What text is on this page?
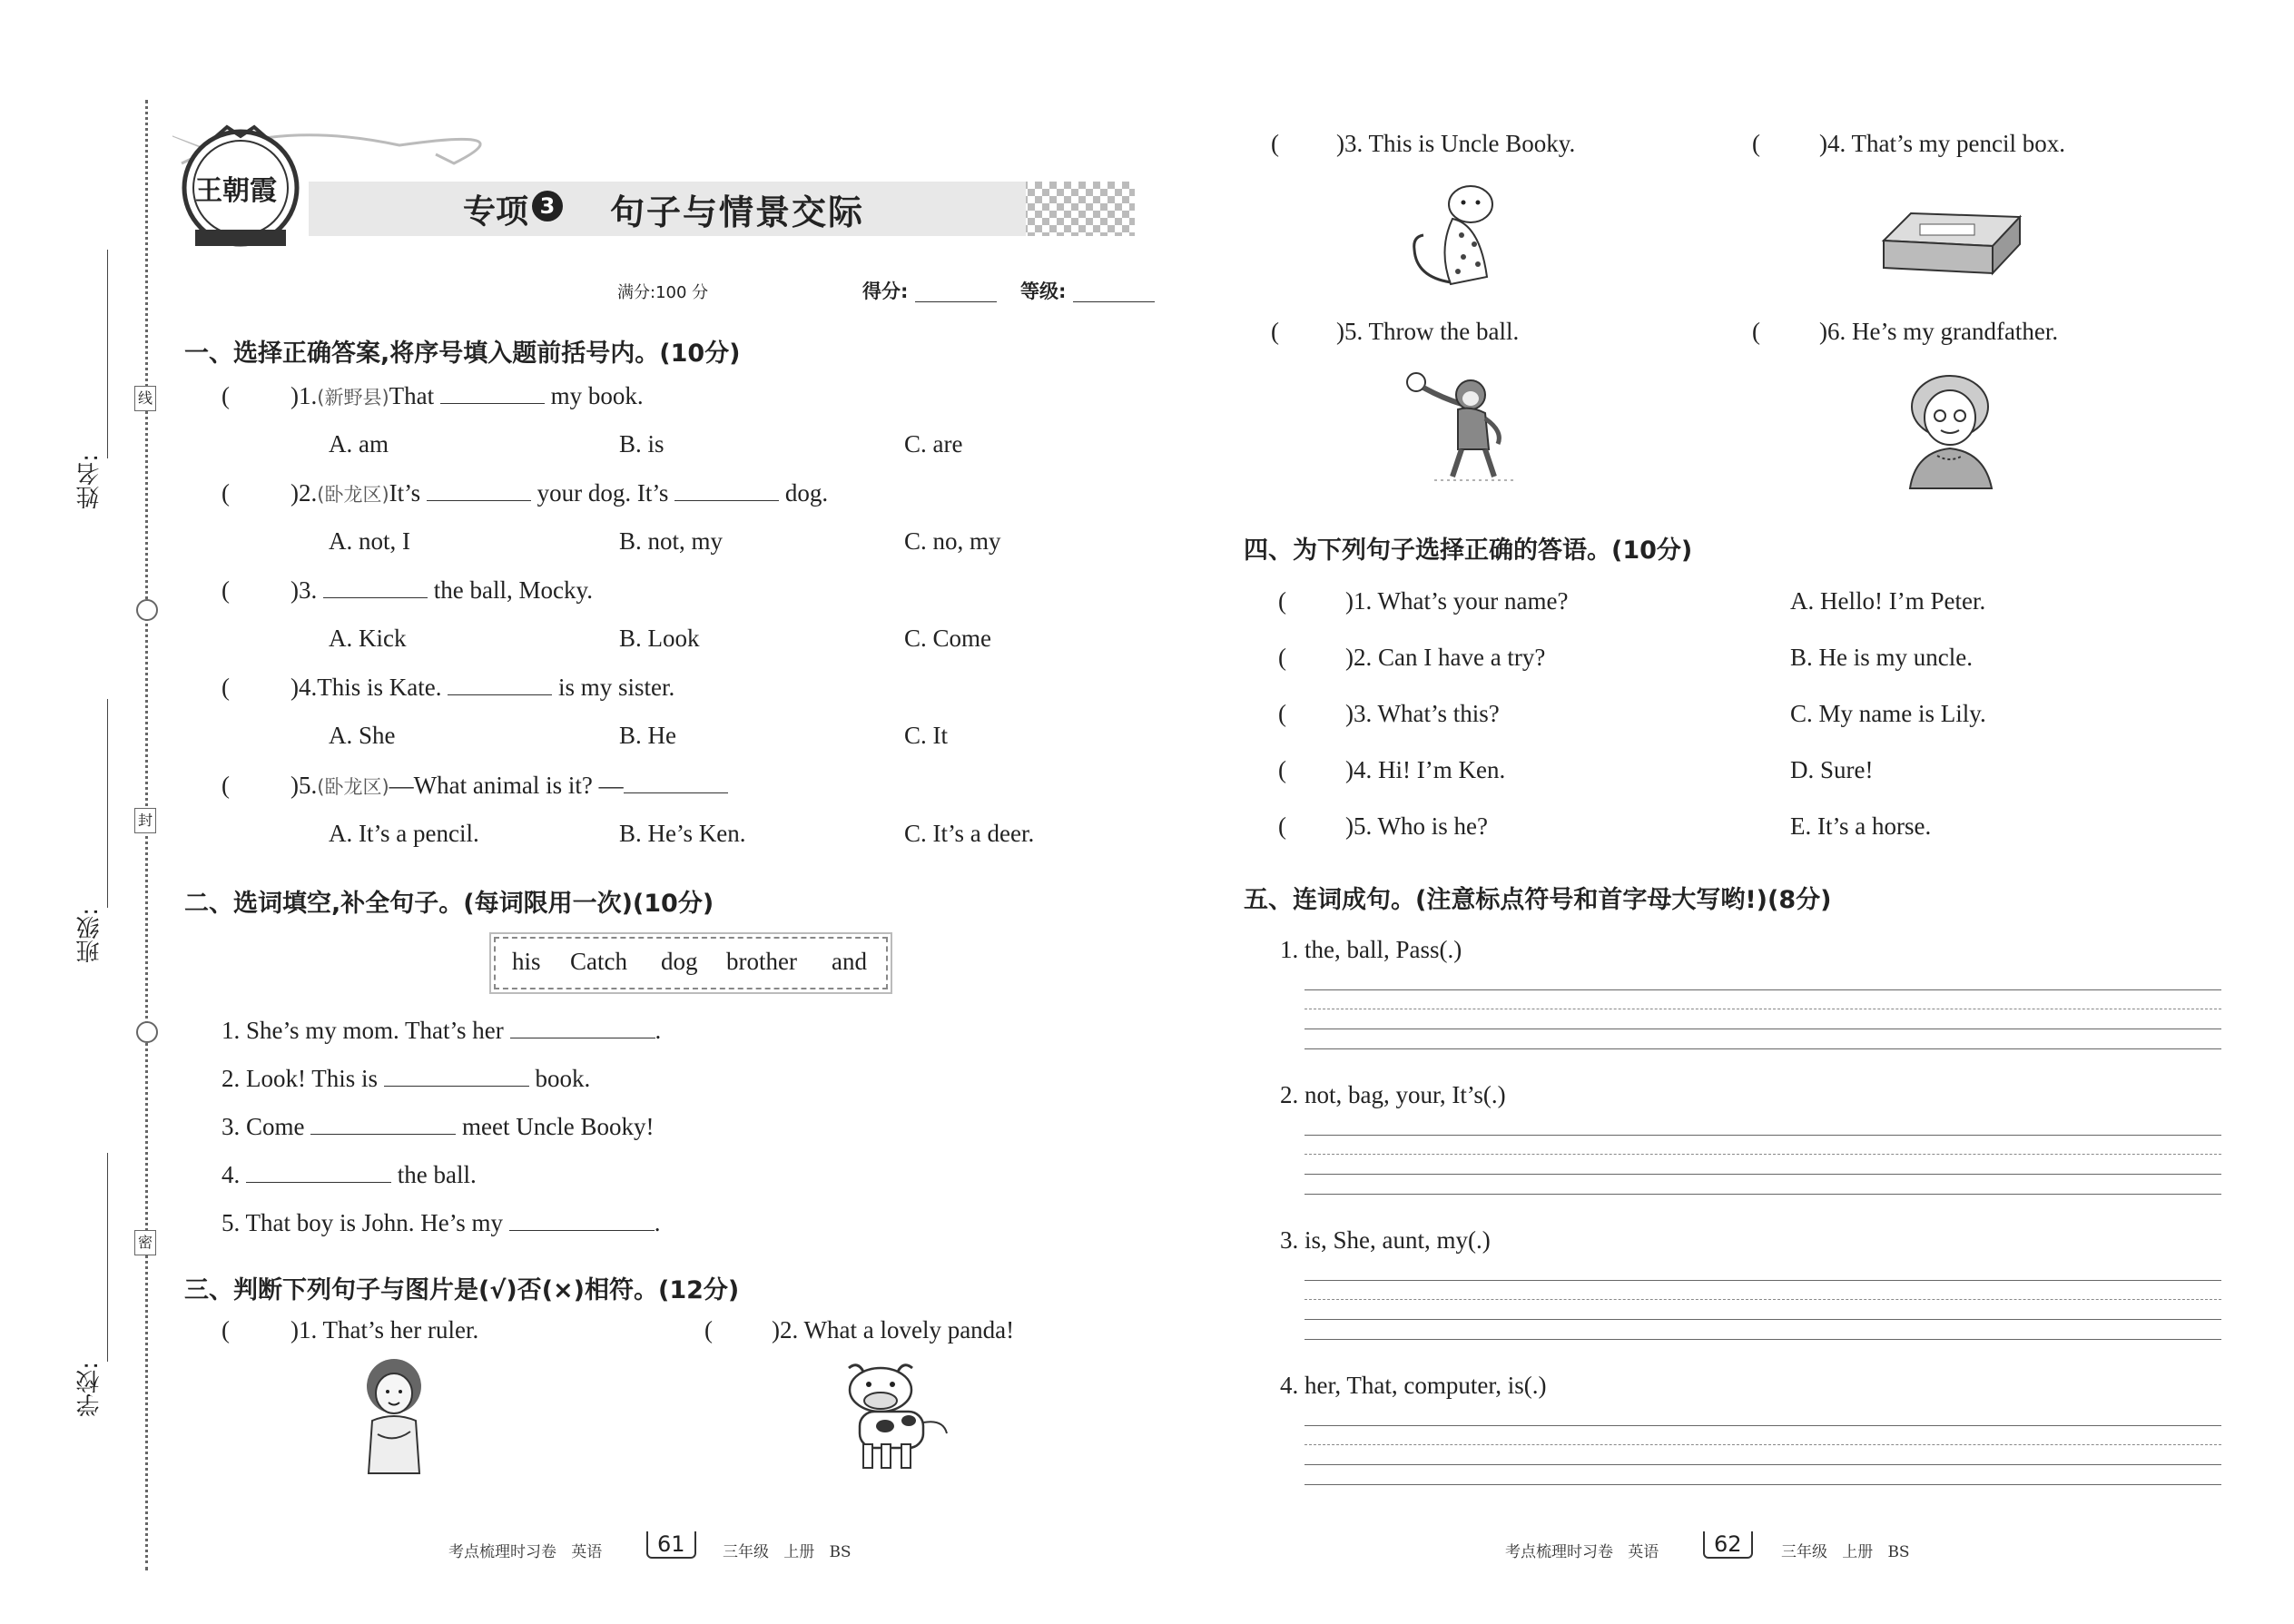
姓名:
班级:
学校:
线
封
密
王朝霞
专项 3 句子与情景交际
满分:100 分	得分:	等级:
一、选择正确答案,将序号填入题前括号内。(10分)
( )1.(新野县)That	my book.
A. am	B. is	C. are
( )2.(卧龙区)It’s	your dog. It’s	dog.
A. not, I	B. not, my	C. no, my
( )3.	the ball, Mocky.
A. Kick	B. Look	C. Come
( )4.This is Kate.	is my sister.
A. She	B. He	C. It
( )5.(卧龙区)—What animal is it? —
A. It’s a pencil.	B. He’s Ken.	C. It’s a deer.
二、选词填空,补全句子。(每词限用一次)(10分)
his Catch dog brother and
1. She’s my mom. That’s her	.
2. Look! This is	book.
3. Come	meet Uncle Booky!
4.	the ball.
5. That boy is John. He’s my	.
三、判断下列句子与图片是(√)否(×)相符。(12分)
( )1. That’s her ruler.	( )2. What a lovely panda!
( )3. This is Uncle Booky.	( )4. That’s my pencil box.
( )5. Throw the ball.	( )6. He’s my grandfather.
四、为下列句子选择正确的答语。(10分)
( )1. What’s your name?	A. Hello! I’m Peter.
( )2. Can I have a try?	B. He is my uncle.
( )3. What’s this?	C. My name is Lily.
( )4. Hi! I’m Ken.	D. Sure!
( )5. Who is he?	E. It’s a horse.
五、连词成句。(注意标点符号和首字母大写哟!)(8分)
1. the, ball, Pass(.)
2. not, bag, your, It’s(.)
3. is, She, aunt, my(.)
4. her, That, computer, is(.)
考点梳理时习卷 英语	61	三年级 上册 BS	考点梳理时习卷 英语	62	三年级 上册 BS
